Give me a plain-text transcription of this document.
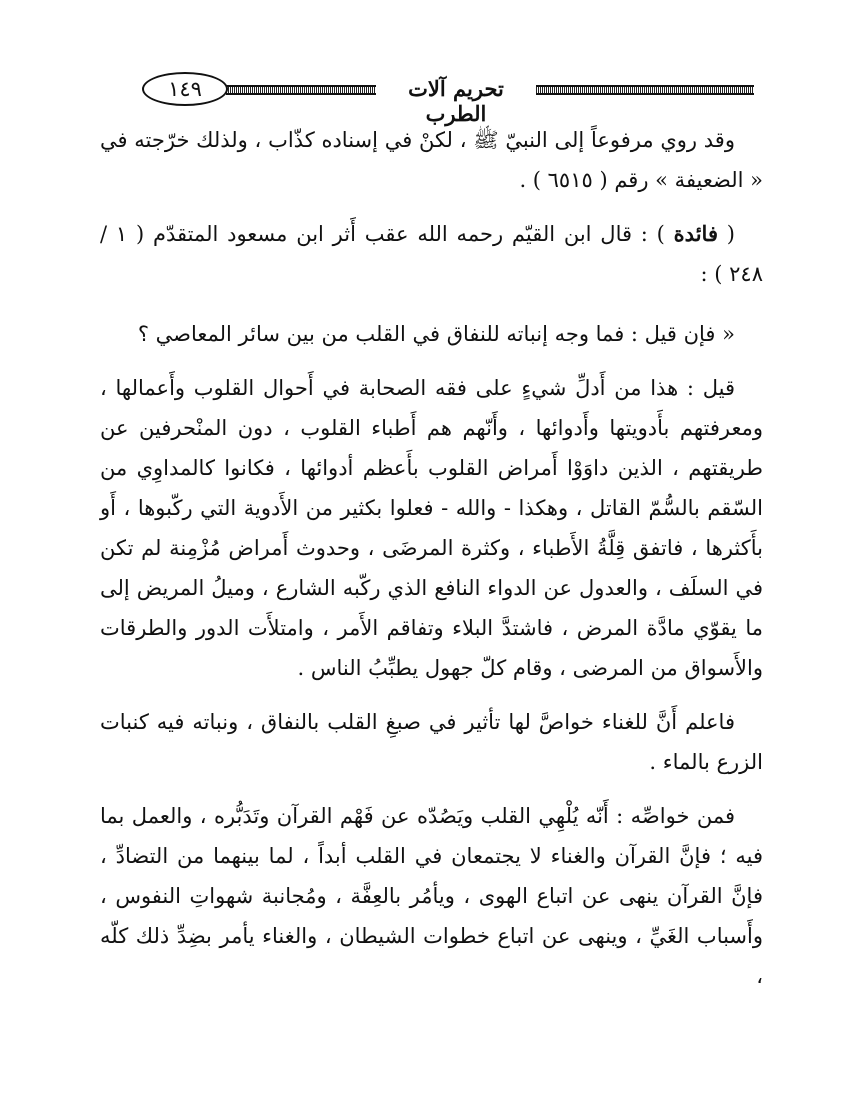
١٤٩	تحريم آلات الطرب

وقد روي مرفوعاً إلى النبيّ ﷺ ، لكنْ في إسناده كذّاب ، ولذلك خرّجته في « الضعيفة » رقم ( ٦٥١٥ ) .

( فائدة ) : قال ابن القيّم رحمه الله عقب أَثر ابن مسعود المتقدّم ( ١ / ٢٤٨ ) :

« فإن قيل : فما وجه إنباته للنفاق في القلب من بين سائر المعاصي ؟

قيل : هذا من أَدلِّ شيءٍ على فقه الصحابة في أَحوال القلوب وأَعمالها ، ومعرفتهم بأَدويتها وأَدوائها ، وأَنّهم هم أَطباء القلوب ، دون المنْحرفين عن طريقتهم ، الذين داوَوْا أَمراض القلوب بأَعظم أدوائها ، فكانوا كالمداوِي من السّقم بالسُّمّ القاتل ، وهكذا - والله - فعلوا بكثير من الأَدوية التي ركّبوها ، أَو بأَكثرها ، فاتفق قِلَّةُ الأَطباء ، وكثرة المرضَى ، وحدوث أَمراض مُزْمِنة لم تكن في السلَف ، والعدول عن الدواء النافع الذي ركّبه الشارع ، وميلُ المريض إلى ما يقوّي مادَّة المرض ، فاشتدَّ البلاء وتفاقم الأَمر ، وامتلأَت الدور والطرقات والأَسواق من المرضى ، وقام كلّ جهول يطبِّبُ الناس .

فاعلم أَنَّ للغناء خواصَّ لها تأثير في صبغِ القلب بالنفاق ، ونباته فيه كنبات الزرع بالماء .

فمن خواصِّه : أَنّه يُلْهِي القلب ويَصُدّه عن فَهْم القرآن وتَدَبُّره ، والعمل بما فيه ؛ فإنَّ القرآن والغناء لا يجتمعان في القلب أبداً ، لما بينهما من التضادِّ ، فإنَّ القرآن ينهى عن اتباع الهوى ، ويأمُر بالعِفَّة ، ومُجانبة شهواتِ النفوس ، وأَسباب الغَيِّ ، وينهى عن اتباع خطوات الشيطان ، والغناء يأمر بضِدِّ ذلك كلّه ،
